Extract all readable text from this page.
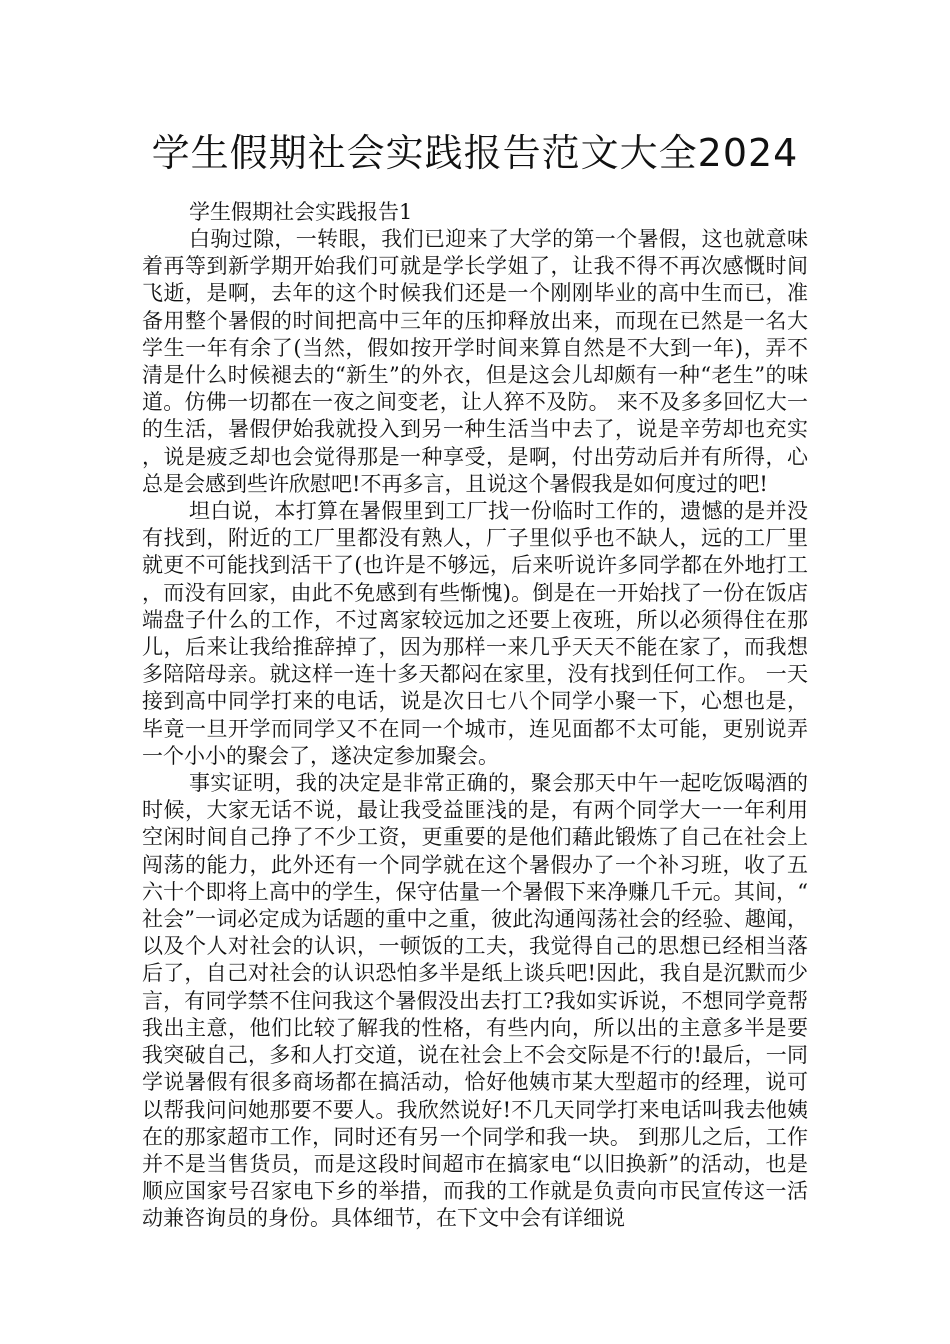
学生假期社会实践报告范文大全2024
学生假期社会实践报告1

白驹过隙，一转眼，我们已迎来了大学的第一个暑假，这也就意味着再等到新学期开始我们可就是学长学姐了，让我不得不再次感慨时间飞逝，是啊，去年的这个时候我们还是一个刚刚毕业的高中生而已，准备用整个暑假的时间把高中三年的压抑释放出来，而现在已然是一名大学生一年有余了(当然，假如按开学时间来算自然是不大到一年)，弄不清是什么时候褪去的“新生”的外衣，但是这会儿却颇有一种“老生”的味道。仿佛一切都在一夜之间变老，让人猝不及防。 来不及多多回忆大一的生活，暑假伊始我就投入到另一种生活当中去了，说是辛劳却也充实，说是疲乏却也会觉得那是一种享受，是啊，付出劳动后并有所得，心总是会感到些许欣慰吧!不再多言，且说这个暑假我是如何度过的吧!

坦白说，本打算在暑假里到工厂找一份临时工作的，遗憾的是并没有找到，附近的工厂里都没有熟人，厂子里似乎也不缺人，远的工厂里就更不可能找到活干了(也许是不够远，后来听说许多同学都在外地打工，而没有回家，由此不免感到有些惭愧)。倒是在一开始找了一份在饭店端盘子什么的工作，不过离家较远加之还要上夜班，所以必须得住在那儿，后来让我给推辞掉了，因为那样一来几乎天天不能在家了，而我想多陪陪母亲。就这样一连十多天都闷在家里，没有找到任何工作。 一天接到高中同学打来的电话，说是次日七八个同学小聚一下，心想也是，毕竟一旦开学而同学又不在同一个城市，连见面都不太可能，更别说弄一个小小的聚会了，遂决定参加聚会。

事实证明，我的决定是非常正确的，聚会那天中午一起吃饭喝酒的时候，大家无话不说，最让我受益匪浅的是，有两个同学大一一年利用空闲时间自己挣了不少工资，更重要的是他们藉此锻炼了自己在社会上闯荡的能力，此外还有一个同学就在这个暑假办了一个补习班，收了五六十个即将上高中的学生，保守估量一个暑假下来净赚几千元。其间，“社会”一词必定成为话题的重中之重，彼此沟通闯荡社会的经验、趣闻，以及个人对社会的认识，一顿饭的工夫，我觉得自己的思想已经相当落后了，自己对社会的认识恐怕多半是纸上谈兵吧!因此，我自是沉默而少言，有同学禁不住问我这个暑假没出去打工?我如实诉说，不想同学竟帮我出主意，他们比较了解我的性格，有些内向，所以出的主意多半是要我突破自己，多和人打交道，说在社会上不会交际是不行的!最后，一同学说暑假有很多商场都在搞活动，恰好他姨市某大型超市的经理，说可以帮我问问她那要不要人。我欣然说好!不几天同学打来电话叫我去他姨在的那家超市工作，同时还有另一个同学和我一块。 到那儿之后，工作并不是当售货员，而是这段时间超市在搞家电“以旧换新”的活动，也是顺应国家号召家电下乡的举措，而我的工作就是负责向市民宣传这一活动兼咨询员的身份。具体细节，在下文中会有详细说
